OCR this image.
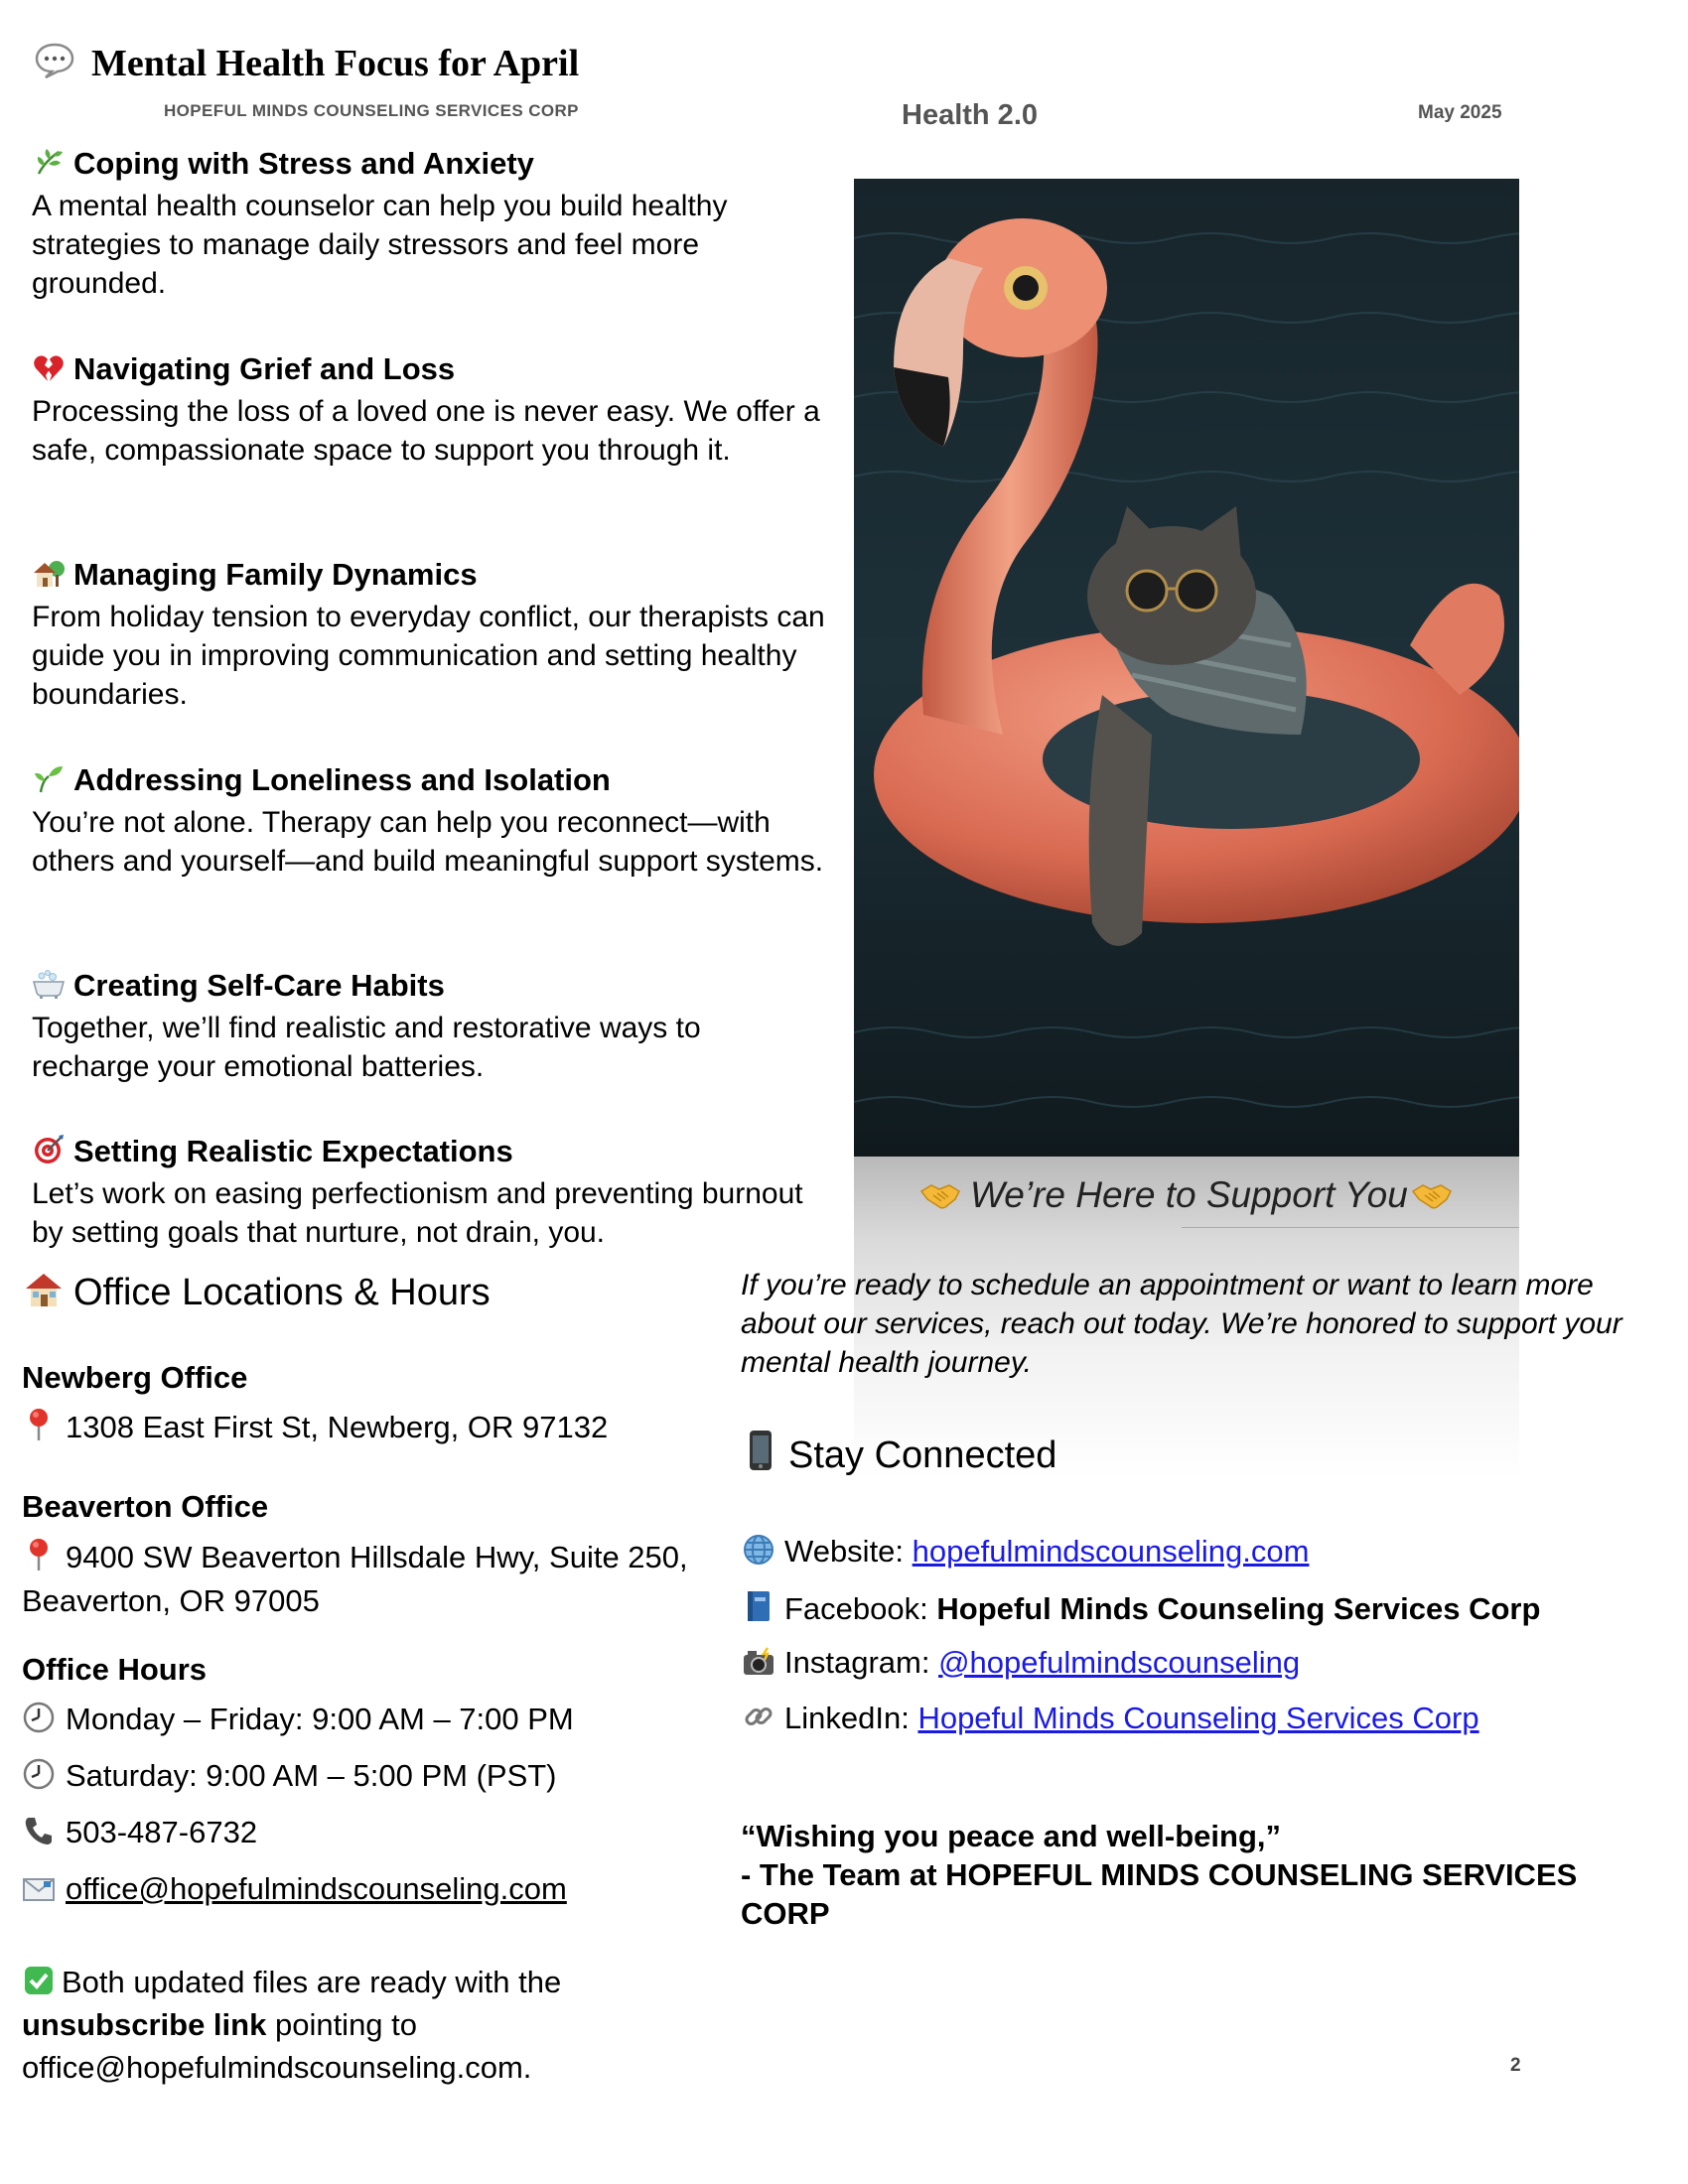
Mental Health Focus for April
HOPEFUL MINDS COUNSELING SERVICES CORP	Health 2.0	May 2025
Coping with Stress and Anxiety

A mental health counselor can help you build healthy strategies to manage daily stressors and feel more grounded.

Navigating Grief and Loss

Processing the loss of a loved one is never easy. We offer a safe, compassionate space to support you through it.

Managing Family Dynamics

From holiday tension to everyday conflict, our therapists can guide you in improving communication and setting healthy boundaries.

Addressing Loneliness and Isolation

You’re not alone. Therapy can help you reconnect—with others and yourself—and build meaningful support systems.

Creating Self-Care Habits

Together, we’ll find realistic and restorative ways to recharge your emotional batteries.

Setting Realistic Expectations

Let’s work on easing perfectionism and preventing burnout by setting goals that nurture, not drain, you.

We’re Here to Support You
If you’re ready to schedule an appointment or want to learn more about our services, reach out today. We’re honored to support your mental health journey.
Office Locations & Hours
Newberg Office
1308 East First St, Newberg, OR 97132
Beaverton Office
9400 SW Beaverton Hillsdale Hwy, Suite 250, Beaverton, OR 97005
Office Hours
Monday – Friday: 9:00 AM – 7:00 PM
Saturday: 9:00 AM – 5:00 PM (PST)
503-487-6732
office@hopefulmindscounseling.com
Both updated files are ready with the unsubscribe link pointing to office@hopefulmindscounseling.com.
Stay Connected
Website: hopefulmindscounseling.com
Facebook: Hopeful Minds Counseling Services Corp
Instagram: @hopefulmindscounseling
LinkedIn: Hopeful Minds Counseling Services Corp
“Wishing you peace and well-being,”
- The Team at HOPEFUL MINDS COUNSELING SERVICES CORP
2
